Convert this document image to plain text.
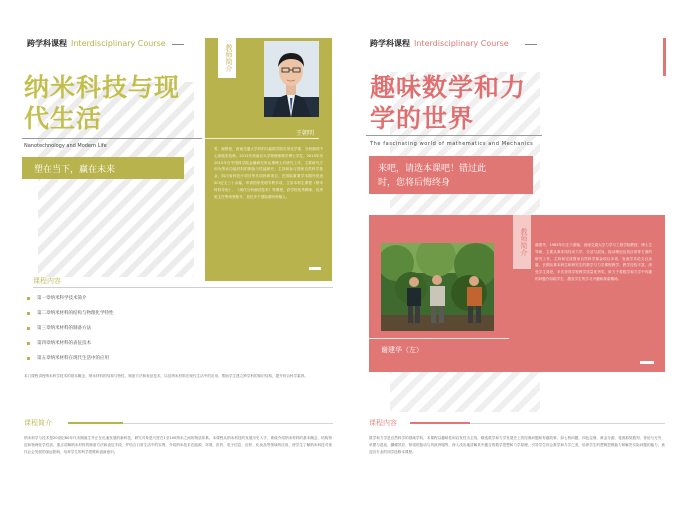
跨学科课程 Interdisciplinary Course
纳米科技与现代生活
Nanotechnology and Modern Life
塑在当下，赢在未来
教师简介
王朝明
男，副教授，西南交通大学材料与能源学院应用化学系，分析测试中心高级实验师，2012年获南京大学物理系理学博士学位，2013年至2015年在中国科学院金属研究所从事博士后研究工作，主要研究方向为纳米功能材料的制备与性能研究；主持和参与国家自然科学基金、四川省科技厅项目等多项科研项目，在国际重要学术期刊发表SCI论文三十余篇，申请国家发明专利多项，主讲本科生课程《纳米材料导论》、《现代分析测试技术》等课程，获学校优秀教师、优秀班主任等荣誉称号，担任多个国际期刊审稿人。
课程内容
第一章纳米科学技术简介
第二章纳米材料的结构与物理化学特性
第三章纳米材料的制备方法
第四章纳米材料的表征技术
第五章纳米材料在现代生活中的应用
本门课程讲授纳米科学技术的基本概念、纳米材料的结构与特性、制备方法和表征技术，以及纳米材料在现代生活中的应用，帮助学生建立跨学科的知识结构，提升综合科学素养。
课程简介
纳米科学与技术是20世纪80年代末期诞生并正在迅速发展的新科技，研究对象是尺度在1至100纳米之间的物质体系。本课程从纳米科技的发展历史入手，系统介绍纳米材料的基本概念、结构特征和物理化学性质，重点讲解纳米材料的制备方法和表征手段，并结合日常生活中的实例，介绍纳米技术在能源、环境、医药、电子信息、纺织、化妆品等领域的应用，使学生了解纳米科技对现代社会发展的深远影响，培养学生的科学思维和创新意识。
跨学科课程 Interdisciplinary Course
趣味数学和力学的世界
The fascinating world of mathematics and Mechanics
来吧，请选本课吧！错过此时，您将后悔终身
教师简介
谢建华（左）
谢建华，1962年出生于湖南，西南交通大学力学与工程学院教授、博士生导师，主要从事非线性动力学、分岔与混沌、振动理论及其应用等方面的研究工作，主持和完成国家自然科学基金项目多项，发表学术论文百余篇，长期从事本科生和研究生的数学与力学课程教学，教学经验丰富，深受学生喜爱，多次获得学校教学质量优秀奖，致力于将数学和力学中有趣的问题介绍给学生，激发学生的学习兴趣和探索精神。
课程内容
数学和力学是自然科学的基础学科，本课程以趣味性和启发性为主线，精选数学和力学发展史上的经典问题和有趣故事，如七桥问题、四色定理、黄金分割、斐波那契数列、悖论与无穷、单摆与混沌、蝴蝶效应、桥梁的振动与风致坍塌等，深入浅出地讲解其中蕴含的数学思想和力学原理，引导学生体会数学和力学之美，培养学生的逻辑思维能力和解决实际问题的能力，欢迎各专业的同学选修本课程。
